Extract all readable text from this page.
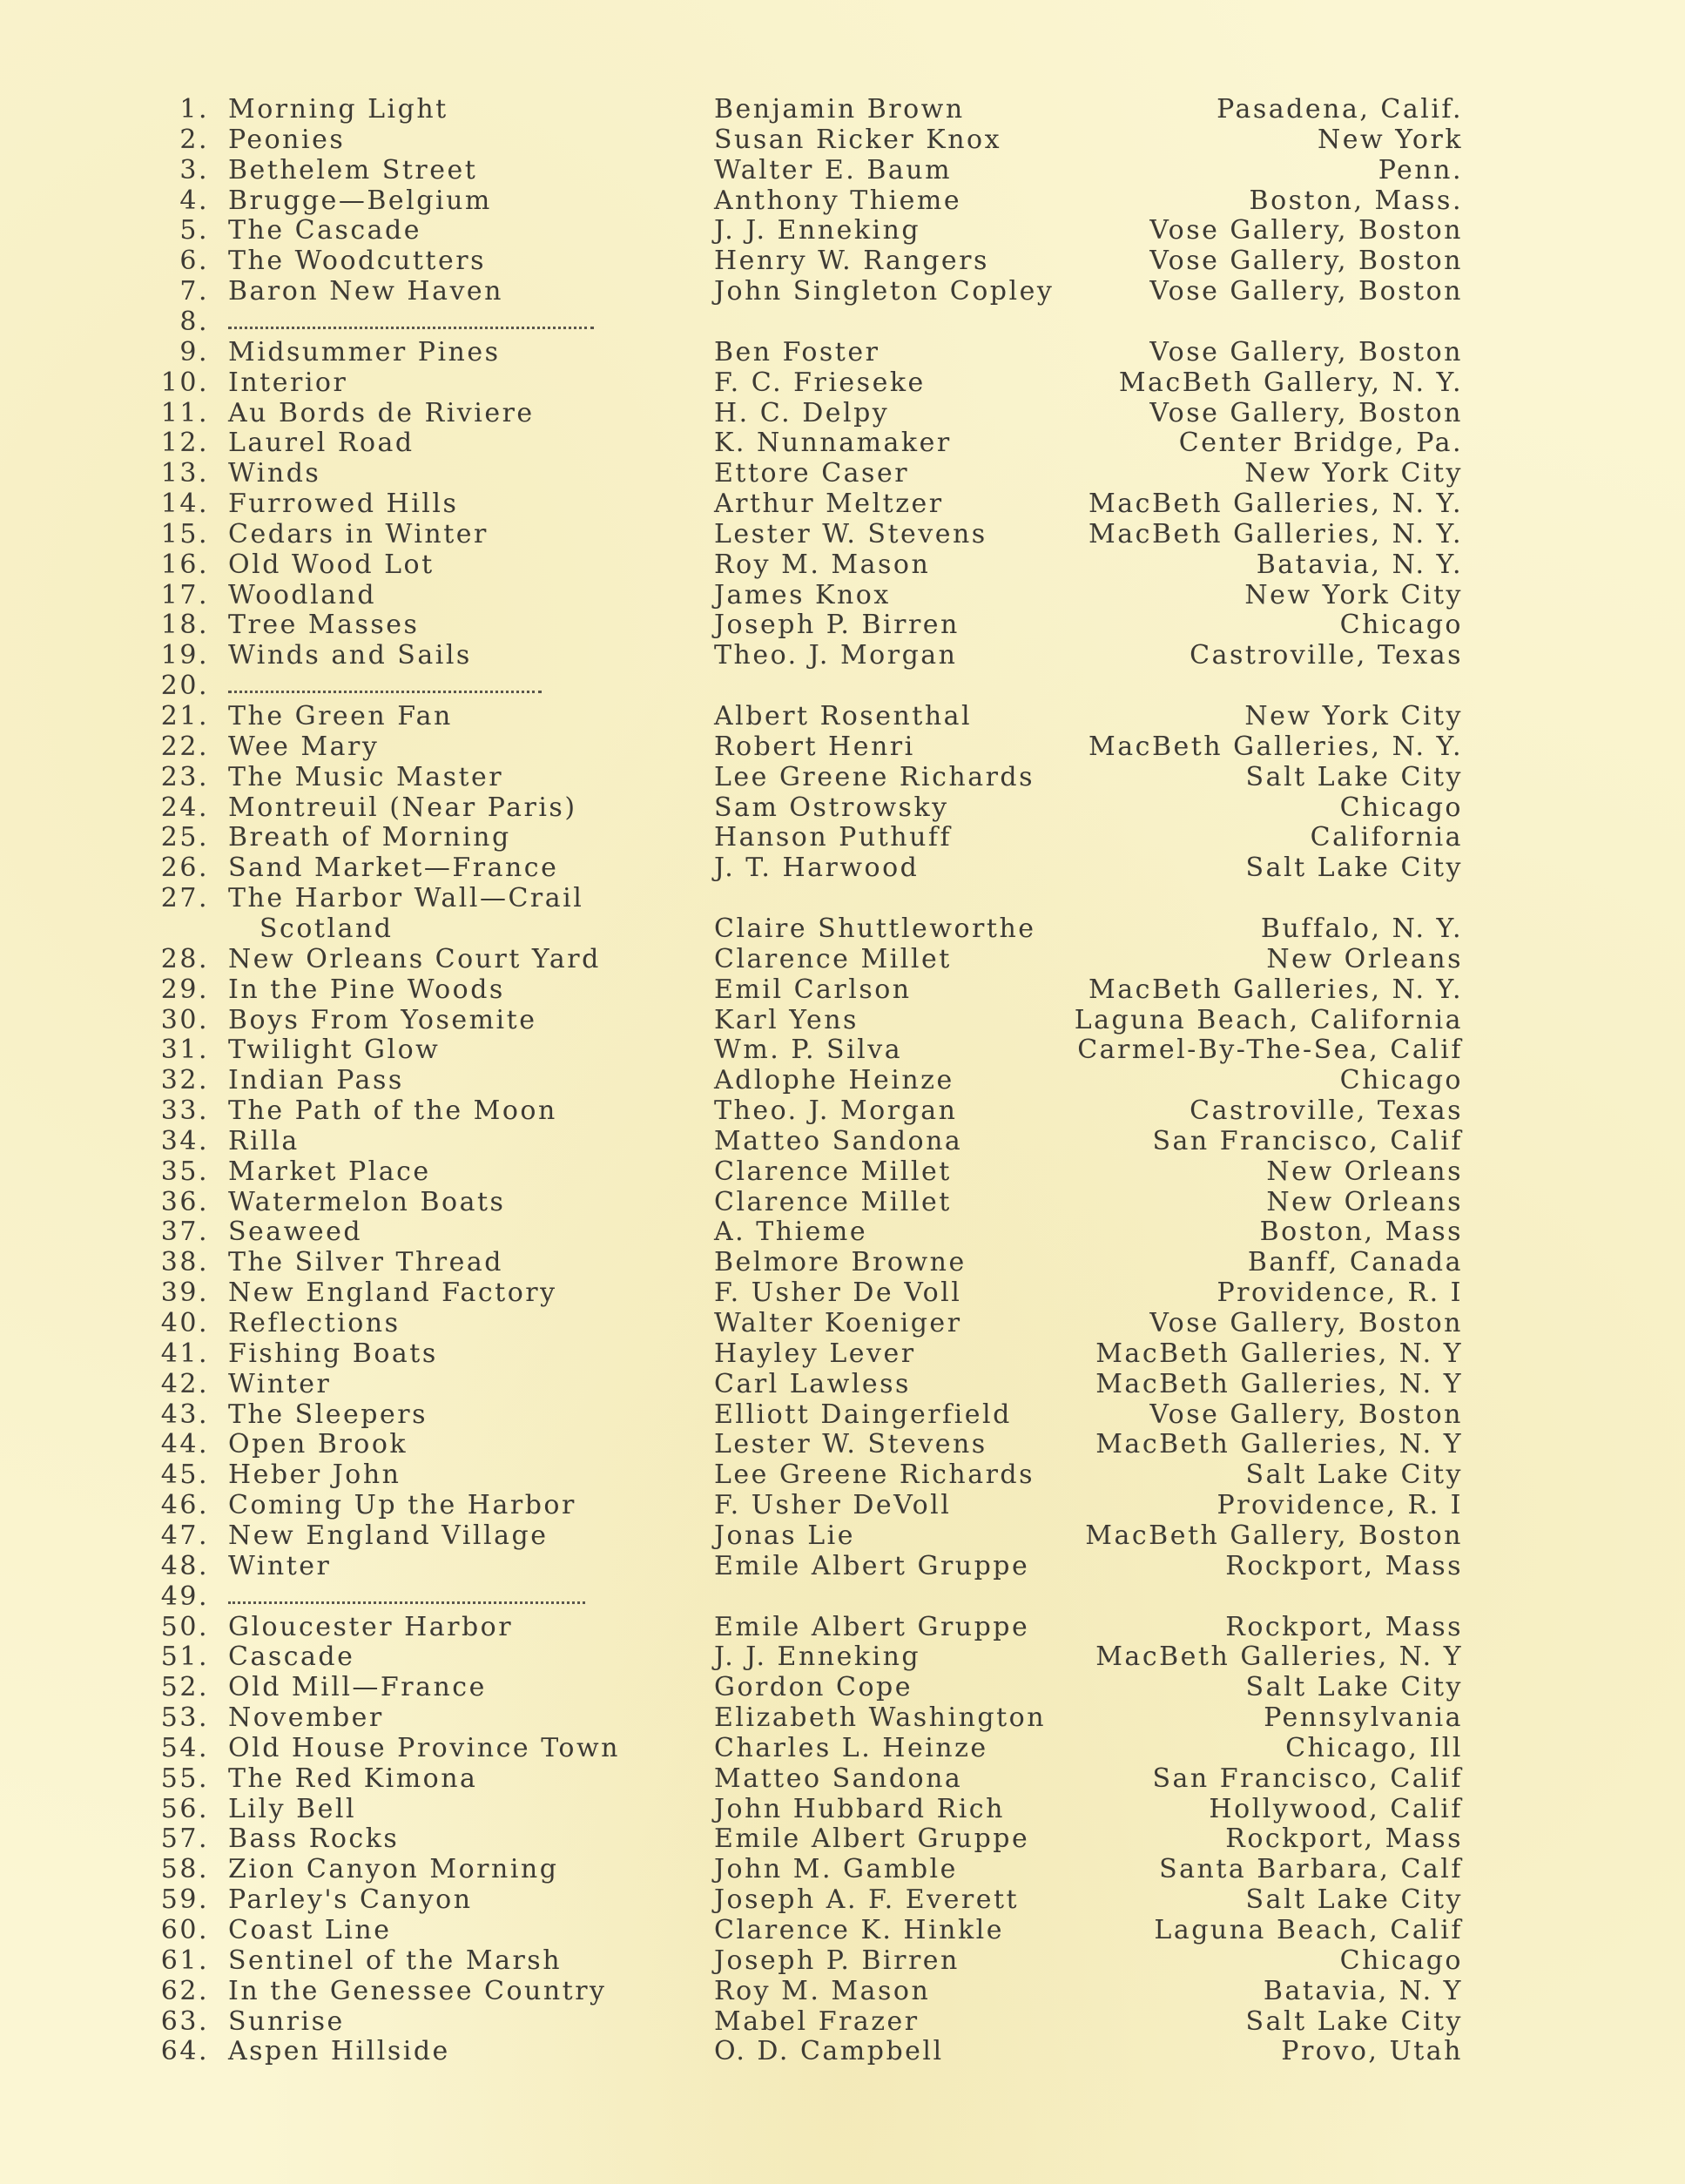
1. Morning Light	Benjamin Brown	Pasadena, Calif.
2. Peonies	Susan Ricker Knox	New York
3. Bethelem Street	Walter E. Baum	Penn.
4. Brugge—Belgium	Anthony Thieme	Boston, Mass.
5. The Cascade	J. J. Enneking	Vose Gallery, Boston
6. The Woodcutters	Henry W. Rangers	Vose Gallery, Boston
7. Baron New Haven	John Singleton Copley	Vose Gallery, Boston
8.
9. Midsummer Pines	Ben Foster	Vose Gallery, Boston
10. Interior	F. C. Frieseke	MacBeth Gallery, N. Y.
11. Au Bords de Riviere	H. C. Delpy	Vose Gallery, Boston
12. Laurel Road	K. Nunnamaker	Center Bridge, Pa.
13. Winds	Ettore Caser	New York City
14. Furrowed Hills	Arthur Meltzer	MacBeth Galleries, N. Y.
15. Cedars in Winter	Lester W. Stevens	MacBeth Galleries, N. Y.
16. Old Wood Lot	Roy M. Mason	Batavia, N. Y.
17. Woodland	James Knox	New York City
18. Tree Masses	Joseph P. Birren	Chicago
19. Winds and Sails	Theo. J. Morgan	Castroville, Texas
20.
21. The Green Fan	Albert Rosenthal	New York City
22. Wee Mary	Robert Henri	MacBeth Galleries, N. Y.
23. The Music Master	Lee Greene Richards	Salt Lake City
24. Montreuil (Near Paris)	Sam Ostrowsky	Chicago
25. Breath of Morning	Hanson Puthuff	California
26. Sand Market—France	J. T. Harwood	Salt Lake City
27. The Harbor Wall—Crail
Scotland	Claire Shuttleworthe	Buffalo, N. Y.
28. New Orleans Court Yard	Clarence Millet	New Orleans
29. In the Pine Woods	Emil Carlson	MacBeth Galleries, N. Y.
30. Boys From Yosemite	Karl Yens	Laguna Beach, California
31. Twilight Glow	Wm. P. Silva	Carmel-By-The-Sea, Calif
32. Indian Pass	Adlophe Heinze	Chicago
33. The Path of the Moon	Theo. J. Morgan	Castroville, Texas
34. Rilla	Matteo Sandona	San Francisco, Calif
35. Market Place	Clarence Millet	New Orleans
36. Watermelon Boats	Clarence Millet	New Orleans
37. Seaweed	A. Thieme	Boston, Mass
38. The Silver Thread	Belmore Browne	Banff, Canada
39. New England Factory	F. Usher De Voll	Providence, R. I
40. Reflections	Walter Koeniger	Vose Gallery, Boston
41. Fishing Boats	Hayley Lever	MacBeth Galleries, N. Y
42. Winter	Carl Lawless	MacBeth Galleries, N. Y
43. The Sleepers	Elliott Daingerfield	Vose Gallery, Boston
44. Open Brook	Lester W. Stevens	MacBeth Galleries, N. Y
45. Heber John	Lee Greene Richards	Salt Lake City
46. Coming Up the Harbor	F. Usher DeVoll	Providence, R. I
47. New England Village	Jonas Lie	MacBeth Gallery, Boston
48. Winter	Emile Albert Gruppe	Rockport, Mass
49.
50. Gloucester Harbor	Emile Albert Gruppe	Rockport, Mass
51. Cascade	J. J. Enneking	MacBeth Galleries, N. Y
52. Old Mill—France	Gordon Cope	Salt Lake City
53. November	Elizabeth Washington	Pennsylvania
54. Old House Province Town	Charles L. Heinze	Chicago, Ill
55. The Red Kimona	Matteo Sandona	San Francisco, Calif
56. Lily Bell	John Hubbard Rich	Hollywood, Calif
57. Bass Rocks	Emile Albert Gruppe	Rockport, Mass
58. Zion Canyon Morning	John M. Gamble	Santa Barbara, Calf
59. Parley's Canyon	Joseph A. F. Everett	Salt Lake City
60. Coast Line	Clarence K. Hinkle	Laguna Beach, Calif
61. Sentinel of the Marsh	Joseph P. Birren	Chicago
62. In the Genessee Country	Roy M. Mason	Batavia, N. Y
63. Sunrise	Mabel Frazer	Salt Lake City
64. Aspen Hillside	O. D. Campbell	Provo, Utah
